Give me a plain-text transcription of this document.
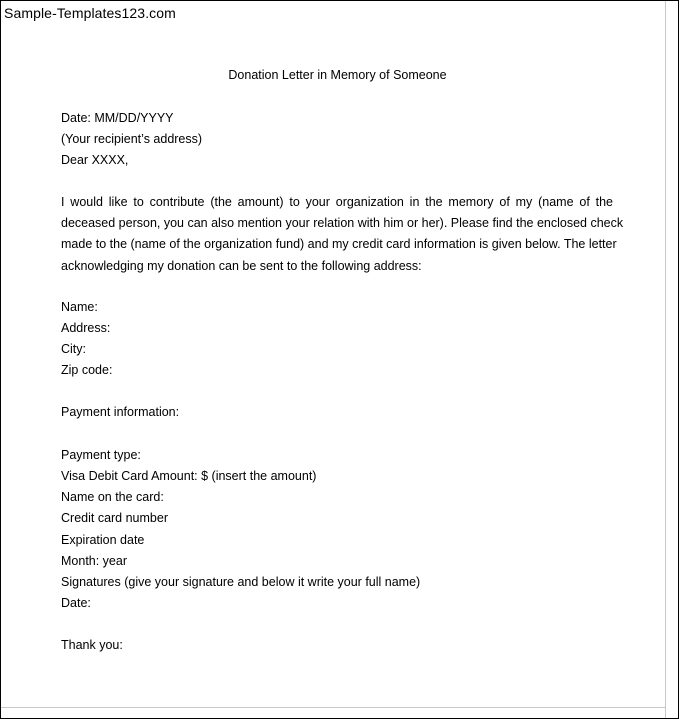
Sample-Templates123.com
Donation Letter in Memory of Someone
Date: MM/DD/YYYY
(Your recipient’s address)
Dear XXXX,
I would like to contribute (the amount) to your organization in the memory of my (name of the
deceased person, you can also mention your relation with him or her). Please find the enclosed check
made to the (name of the organization fund) and my credit card information is given below. The letter
acknowledging my donation can be sent to the following address:
Name:
Address:
City:
Zip code:
Payment information:
Payment type:
Visa Debit Card Amount: $ (insert the amount)
Name on the card:
Credit card number
Expiration date
Month: year
Signatures (give your signature and below it write your full name)
Date:
Thank you:
